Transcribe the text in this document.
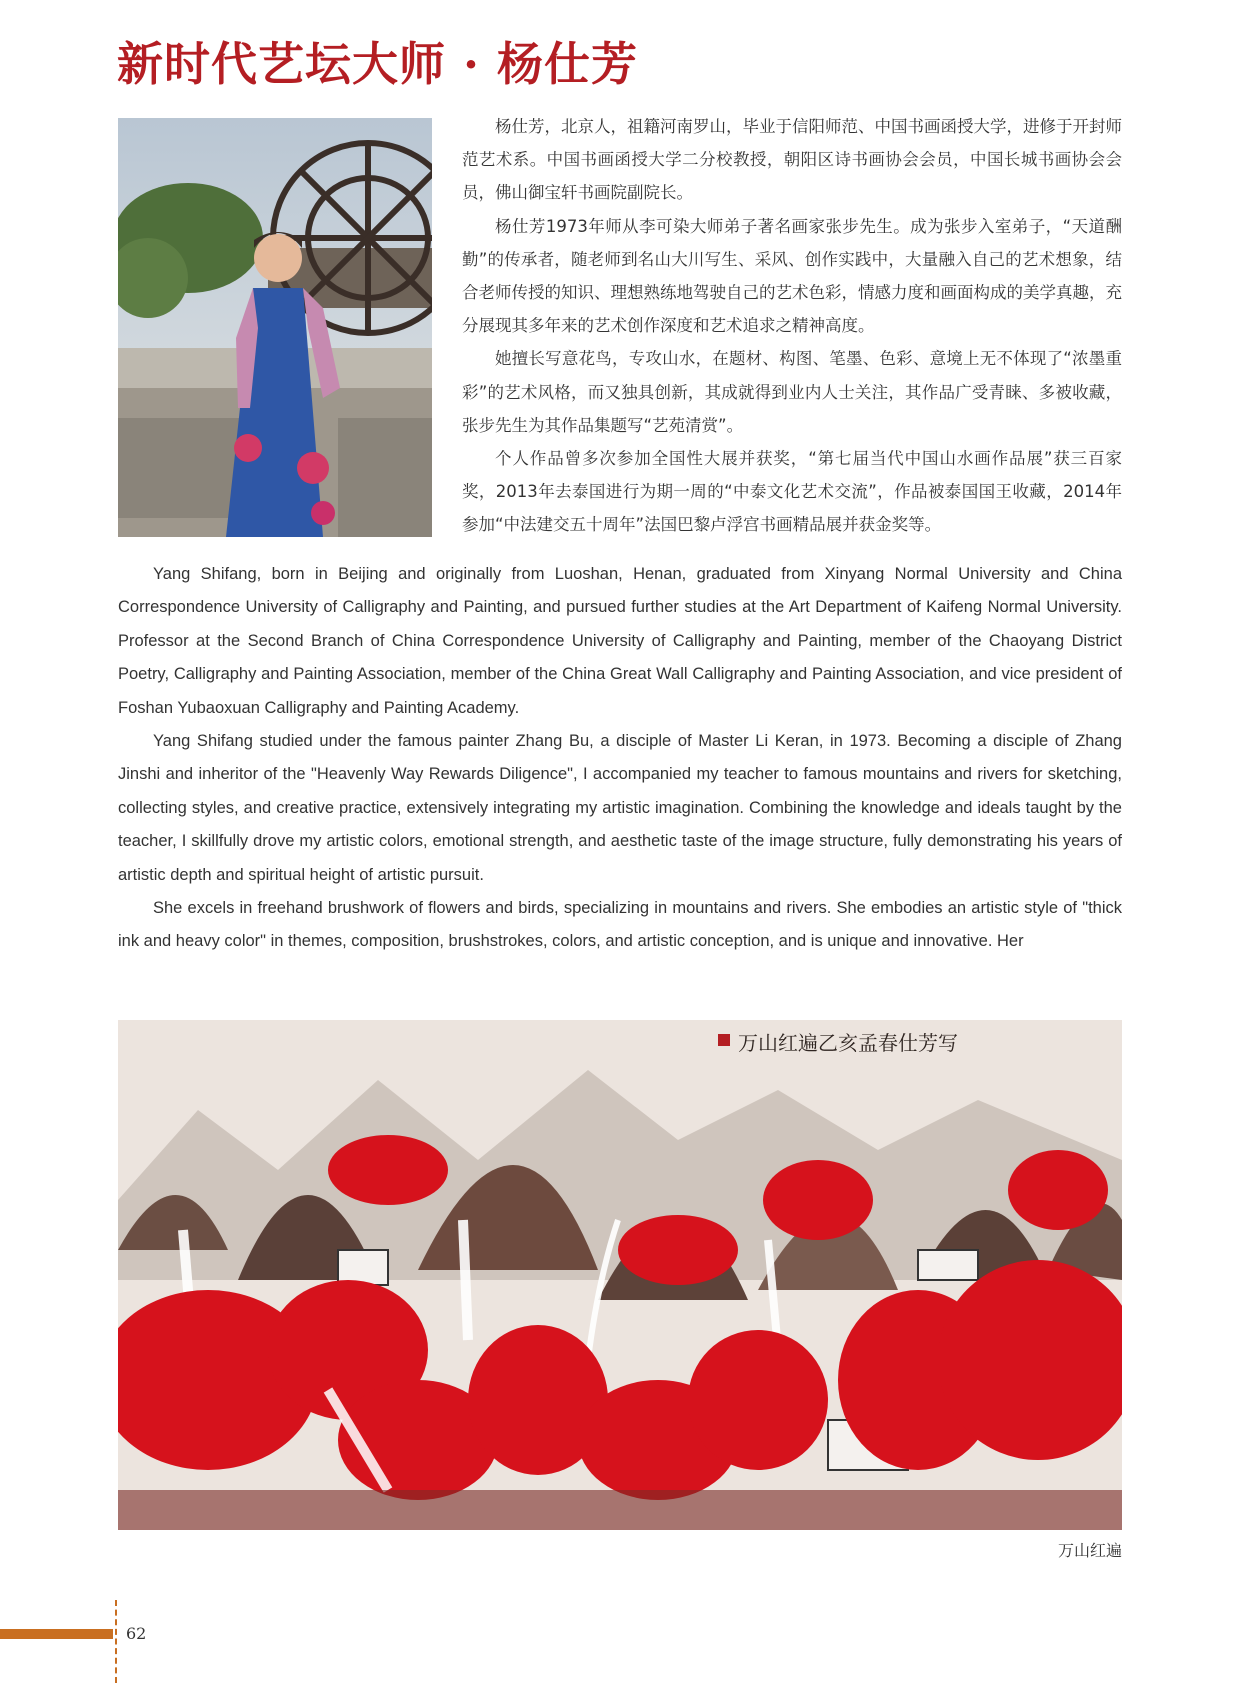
新时代艺坛大师 · 杨仕芳

杨仕芳，北京人，祖籍河南罗山，毕业于信阳师范、中国书画函授大学，进修于开封师范艺术系。中国书画函授大学二分校教授，朝阳区诗书画协会会员，中国长城书画协会会员，佛山御宝轩书画院副院长。

杨仕芳1973年师从李可染大师弟子著名画家张步先生。成为张步入室弟子，“天道酬勤”的传承者，随老师到名山大川写生、采风、创作实践中，大量融入自己的艺术想象，结合老师传授的知识、理想熟练地驾驶自己的艺术色彩，情感力度和画面构成的美学真趣，充分展现其多年来的艺术创作深度和艺术追求之精神高度。

她擅长写意花鸟，专攻山水，在题材、构图、笔墨、色彩、意境上无不体现了“浓墨重彩”的艺术风格，而又独具创新，其成就得到业内人士关注，其作品广受青睐、多被收藏，张步先生为其作品集题写“艺苑清赏”。

个人作品曾多次参加全国性大展并获奖，“第七届当代中国山水画作品展”获三百家奖，2013年去泰国进行为期一周的“中泰文化艺术交流”，作品被泰国国王收藏，2014年参加“中法建交五十周年”法国巴黎卢浮宫书画精品展并获金奖等。

Yang Shifang, born in Beijing and originally from Luoshan, Henan, graduated from Xinyang Normal University and China Correspondence University of Calligraphy and Painting, and pursued further studies at the Art Department of Kaifeng Normal University. Professor at the Second Branch of China Correspondence University of Calligraphy and Painting, member of the Chaoyang District Poetry, Calligraphy and Painting Association, member of the China Great Wall Calligraphy and Painting Association, and vice president of Foshan Yubaoxuan Calligraphy and Painting Academy.

Yang Shifang studied under the famous painter Zhang Bu, a disciple of Master Li Keran, in 1973. Becoming a disciple of Zhang Jinshi and inheritor of the "Heavenly Way Rewards Diligence", I accompanied my teacher to famous mountains and rivers for sketching, collecting styles, and creative practice, extensively integrating my artistic imagination. Combining the knowledge and ideals taught by the teacher, I skillfully drove my artistic colors, emotional strength, and aesthetic taste of the image structure, fully demonstrating his years of artistic depth and spiritual height of artistic pursuit.

She excels in freehand brushwork of flowers and birds, specializing in mountains and rivers. She embodies an artistic style of "thick ink and heavy color" in themes, composition, brushstrokes, colors, and artistic conception, and is unique and innovative. Her

万山红遍乙亥孟春仕芳写
万山红遍
62
